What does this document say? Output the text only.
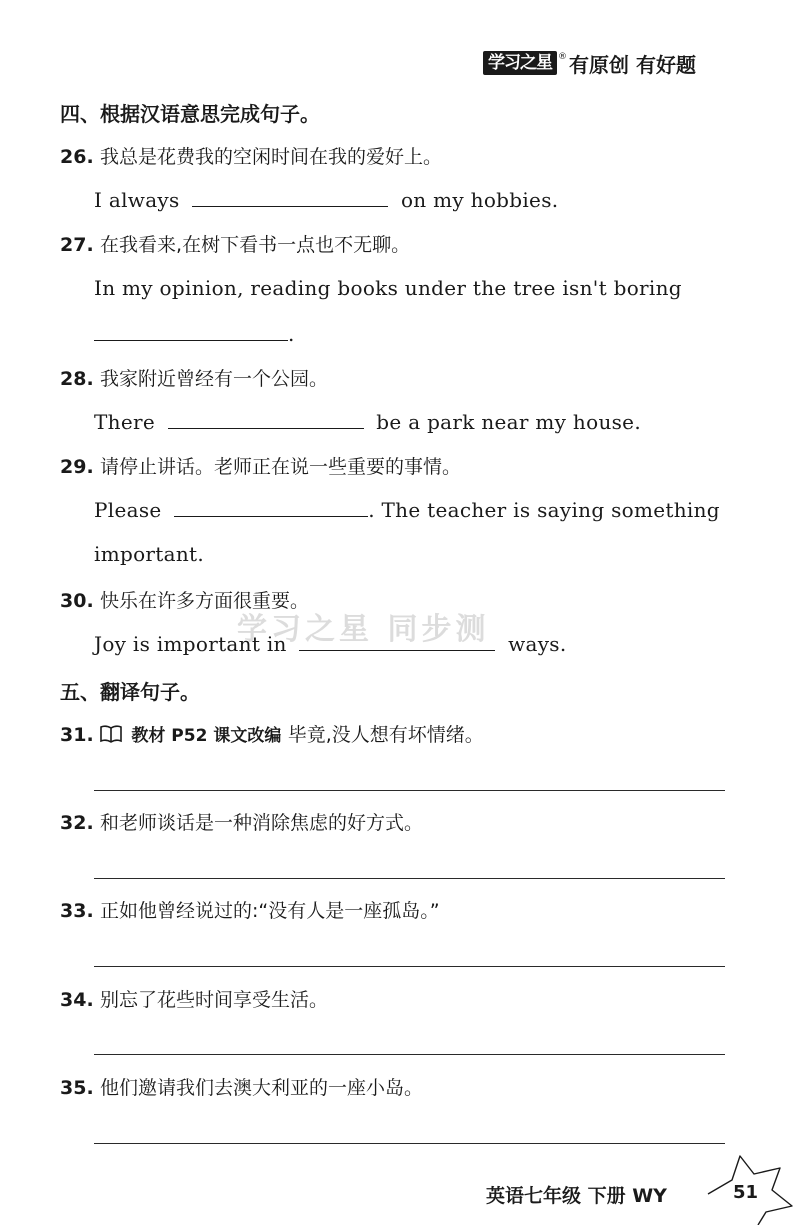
学习之星 ® 有原创 有好题
四、根据汉语意思完成句子。
26. 我总是花费我的空闲时间在我的爱好上。
I always	on my hobbies.
27. 在我看来,在树下看书一点也不无聊。
In my opinion, reading books under the tree isn't boring
.
28. 我家附近曾经有一个公园。
There	be a park near my house.
29. 请停止讲话。老师正在说一些重要的事情。
Please	. The teacher is saying something
important.
30. 快乐在许多方面很重要。
学习之星 同步测
Joy is important in	ways.
五、翻译句子。
31. 教材 P52 课文改编 毕竟,没人想有坏情绪。
32. 和老师谈话是一种消除焦虑的好方式。
33. 正如他曾经说过的:“没有人是一座孤岛。”
34. 别忘了花些时间享受生活。
35. 他们邀请我们去澳大利亚的一座小岛。
英语七年级 下册 WY	51
